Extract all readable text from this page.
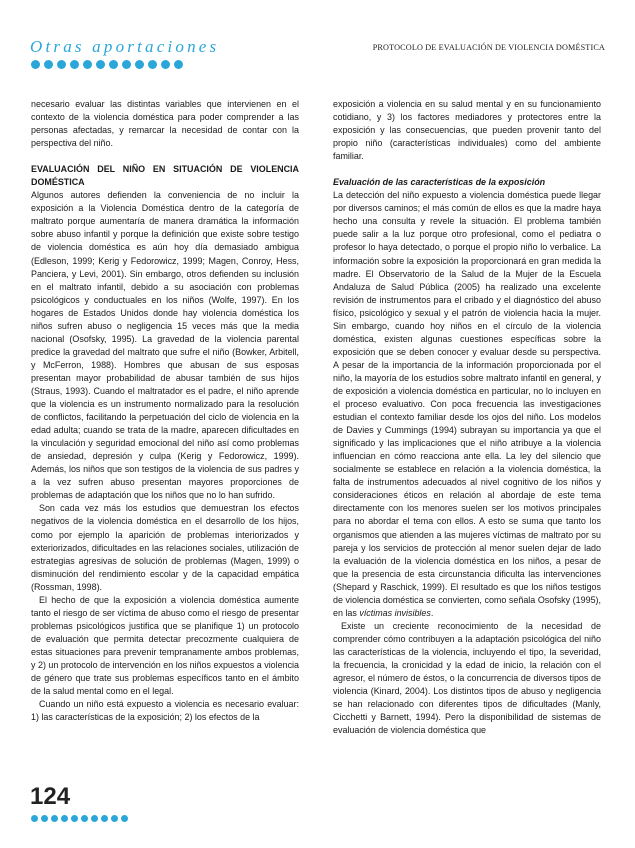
Otras aportaciones	PROTOCOLO DE EVALUACIÓN DE VIOLENCIA DOMÉSTICA

necesario evaluar las distintas variables que intervienen en el contexto de la violencia doméstica para poder comprender a las personas afectadas, y remarcar la necesidad de contar con la perspectiva del niño.

EVALUACIÓN DEL NIÑO EN SITUACIÓN DE VIOLENCIA DOMÉSTICA

Algunos autores defienden la conveniencia de no incluir la exposición a la Violencia Doméstica dentro de la categoría de maltrato porque aumentaría de manera dramática la información sobre abuso infantil y porque la definición que existe sobre testigo de violencia doméstica es aún hoy día demasiado ambigua (Edleson, 1999; Kerig y Fedorowicz, 1999; Magen, Conroy, Hess, Panciera, y Levi, 2001). Sin embargo, otros defienden su inclusión en el maltrato infantil, debido a su asociación con problemas psicológicos y conductuales en los niños (Wolfe, 1997). En los hogares de Estados Unidos donde hay violencia doméstica los niños sufren abuso o negligencia 15 veces más que la media nacional (Osofsky, 1995). La gravedad de la violencia parental predice la gravedad del maltrato que sufre el niño (Bowker, Arbitell, y McFerron, 1988). Hombres que abusan de sus esposas presentan mayor probabilidad de abusar también de sus hijos (Straus, 1993). Cuando el maltratador es el padre, el niño aprende que la violencia es un instrumento normalizado para la resolución de conflictos, facilitando la perpetuación del ciclo de violencia en la edad adulta; cuando se trata de la madre, aparecen dificultades en la vinculación y seguridad emocional del niño así como problemas de ansiedad, depresión y culpa (Kerig y Fedorowicz, 1999). Además, los niños que son testigos de la violencia de sus padres y a la vez sufren abuso presentan mayores proporciones de problemas de adaptación que los niños que no lo han sufrido.

Son cada vez más los estudios que demuestran los efectos negativos de la violencia doméstica en el desarrollo de los hijos, como por ejemplo la aparición de problemas interiorizados y exteriorizados, dificultades en las relaciones sociales, utilización de estrategias agresivas de solución de problemas (Magen, 1999) o disminución del rendimiento escolar y de la capacidad empática (Rossman, 1998).

El hecho de que la exposición a violencia doméstica aumente tanto el riesgo de ser víctima de abuso como el riesgo de presentar problemas psicológicos justifica que se planifique 1) un protocolo de evaluación que permita detectar precozmente cualquiera de estas situaciones para prevenir tempranamente ambos problemas, y 2) un protocolo de intervención en los niños expuestos a violencia de género que trate sus problemas específicos tanto en el ámbito de la salud mental como en el legal.

Cuando un niño está expuesto a violencia es necesario evaluar: 1) las características de la exposición; 2) los efectos de la

exposición a violencia en su salud mental y en su funcionamiento cotidiano, y 3) los factores mediadores y protectores entre la exposición y las consecuencias, que pueden provenir tanto del propio niño (características individuales) como del ambiente familiar.

Evaluación de las características de la exposición

La detección del niño expuesto a violencia doméstica puede llegar por diversos caminos; el más común de ellos es que la madre haya hecho una consulta y revele la situación. El problema también puede salir a la luz porque otro profesional, como el pediatra o profesor lo haya detectado, o porque el propio niño lo verbalice. La información sobre la exposición la proporcionará en gran medida la madre. El Observatorio de la Salud de la Mujer de la Escuela Andaluza de Salud Pública (2005) ha realizado una excelente revisión de instrumentos para el cribado y el diagnóstico del abuso físico, psicológico y sexual y el patrón de violencia hacia la mujer. Sin embargo, cuando hoy niños en el círculo de la violencia doméstica, existen algunas cuestiones específicas sobre la exposición que se deben conocer y evaluar desde su perspectiva. A pesar de la importancia de la información proporcionada por el niño, la mayoría de los estudios sobre maltrato infantil en general, y de exposición a violencia doméstica en particular, no lo incluyen en el proceso evaluativo. Con poca frecuencia las investigaciones estudian el contexto familiar desde los ojos del niño. Los modelos de Davies y Cummings (1994) subrayan su importancia ya que el significado y las implicaciones que el niño atribuye a la violencia influencian en cómo reacciona ante ella. La ley del silencio que socialmente se establece en relación a la violencia doméstica, la falta de instrumentos adecuados al nivel cognitivo de los niños y consideraciones éticos en relación al abordaje de este tema directamente con los menores suelen ser los motivos principales para no abordar el tema con ellos. A esto se suma que tanto los organismos que atienden a las mujeres víctimas de maltrato por su pareja y los servicios de protección al menor suelen dejar de lado la evaluación de la violencia doméstica en los niños, a pesar de que la presencia de esta circunstancia dificulta las intervenciones (Shepard y Raschick, 1999). El resultado es que los niños testigos de violencia doméstica se convierten, como señala Osofsky (1995), en las víctimas invisibles.

Existe un creciente reconocimiento de la necesidad de comprender cómo contribuyen a la adaptación psicológica del niño las características de la violencia, incluyendo el tipo, la severidad, la frecuencia, la cronicidad y la edad de inicio, la relación con el agresor, el número de éstos, o la concurrencia de diversos tipos de violencia (Kinard, 2004). Los distintos tipos de abuso y negligencia se han relacionado con diferentes tipos de dificultades (Manly, Cicchetti y Barnett, 1994). Pero la disponibilidad de sistemas de evaluación de violencia doméstica que

124
